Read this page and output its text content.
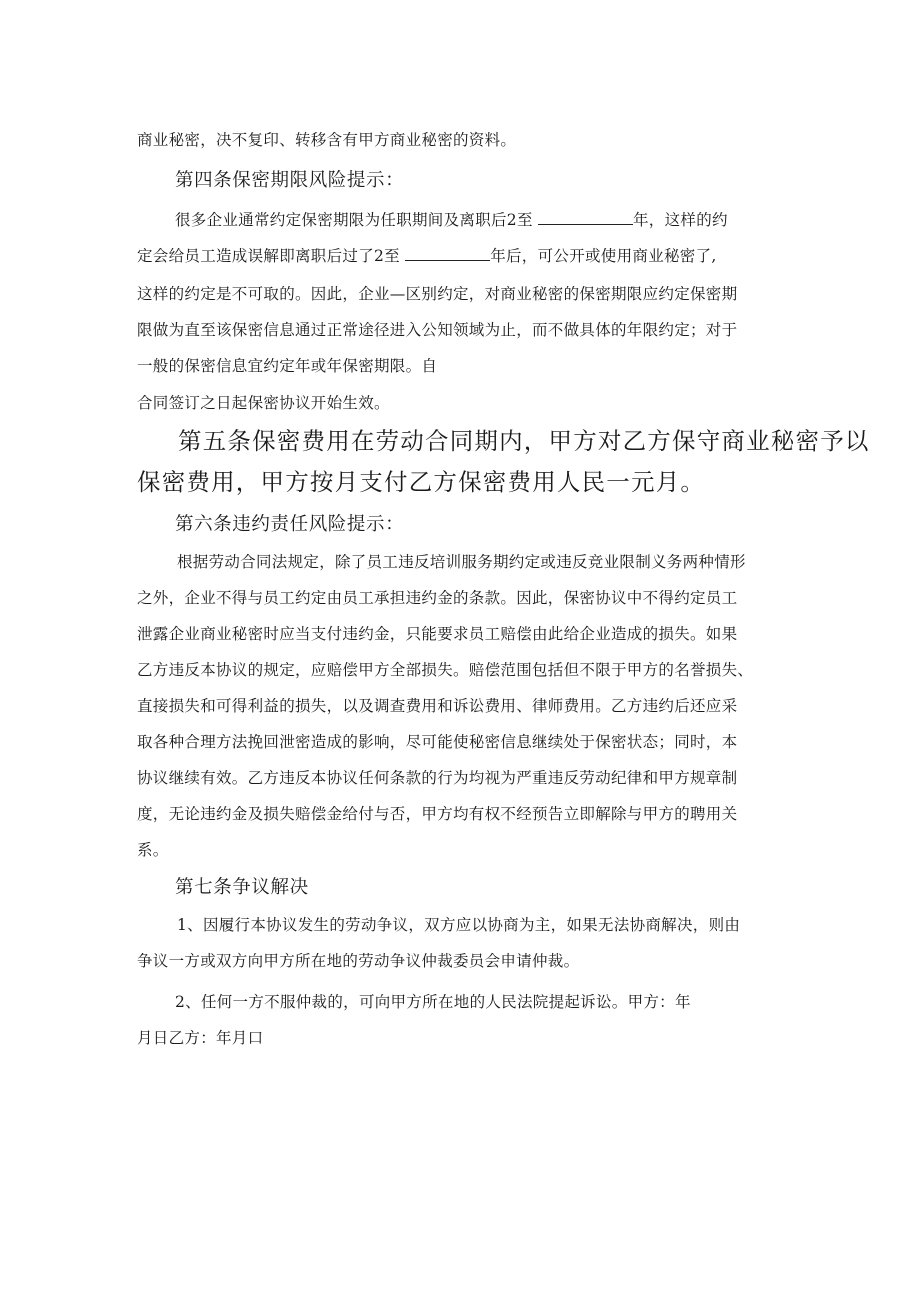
商业秘密，决不复印、转移含有甲方商业秘密的资料。
第四条保密期限风险提示：
很多企业通常约定保密期限为任职期间及离职后2至	年，这样的约
定会给员工造成误解即离职后过了2至	年后，可公开或使用商业秘密了,
这样的约定是不可取的。因此，企业—区别约定，对商业秘密的保密期限应约定保密期
限做为直至该保密信息通过正常途径进入公知领域为止，而不做具体的年限约定；对于
一般的保密信息宜约定年或年保密期限。自
合同签订之日起保密协议开始生效。
第五条保密费用在劳动合同期内，甲方对乙方保守商业秘密予以
保密费用，甲方按月支付乙方保密费用人民一元月。
第六条违约责任风险提示：
根据劳动合同法规定，除了员工违反培训服务期约定或违反竞业限制义务两种情形
之外，企业不得与员工约定由员工承担违约金的条款。因此，保密协议中不得约定员工
泄露企业商业秘密时应当支付违约金，只能要求员工赔偿由此给企业造成的损失。如果
乙方违反本协议的规定，应赔偿甲方全部损失。赔偿范围包括但不限于甲方的名誉损失、
直接损失和可得利益的损失，以及调查费用和诉讼费用、律师费用。乙方违约后还应采
取各种合理方法挽回泄密造成的影响，尽可能使秘密信息继续处于保密状态；同时，本
协议继续有效。乙方违反本协议任何条款的行为均视为严重违反劳动纪律和甲方规章制
度，无论违约金及损失赔偿金给付与否，甲方均有权不经预告立即解除与甲方的聘用关
系。
第七条争议解决
1、因履行本协议发生的劳动争议，双方应以协商为主，如果无法协商解决，则由
争议一方或双方向甲方所在地的劳动争议仲裁委员会申请仲裁。
2、任何一方不服仲裁的，可向甲方所在地的人民法院提起诉讼。甲方：年
月日乙方：年月口
